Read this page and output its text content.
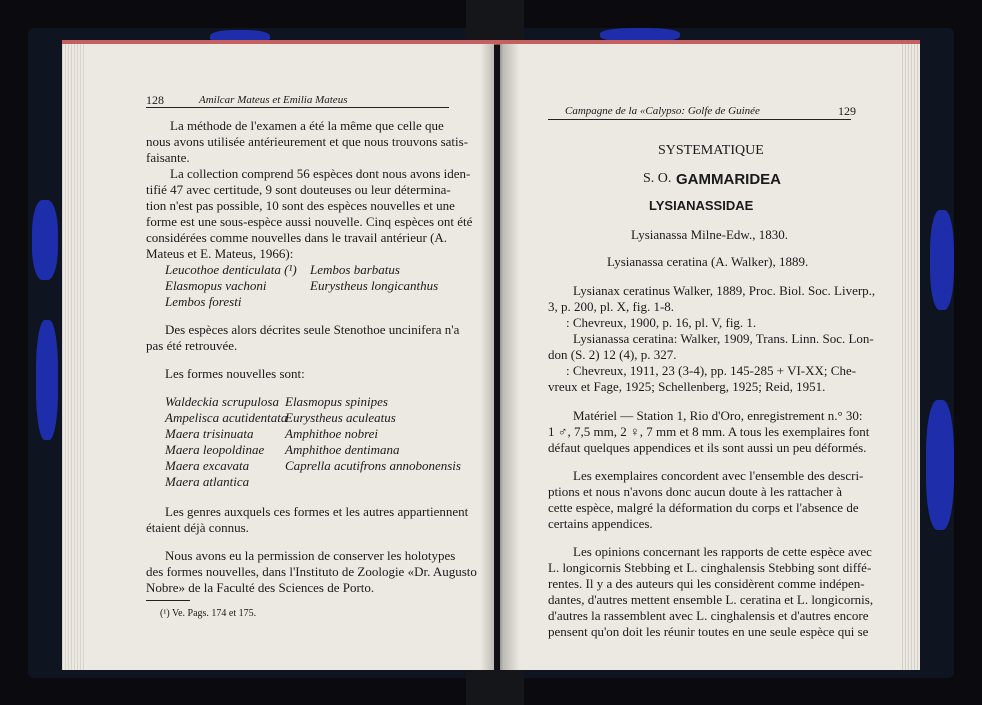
128	Amilcar Mateus et Emilia Mateus
La méthode de l'examen a été la même que celle que
nous avons utilisée antérieurement et que nous trouvons satis-
faisante.
La collection comprend 56 espèces dont nous avons iden-
tifié 47 avec certitude, 9 sont douteuses ou leur détermina-
tion n'est pas possible, 10 sont des espèces nouvelles et une
forme est une sous-espèce aussi nouvelle. Cinq espèces ont été
considérées comme nouvelles dans le travail antérieur (A.
Mateus et E. Mateus, 1966):
Leucothoe denticulata (¹)
Elasmopus vachoni
Lembos foresti
Lembos barbatus
Eurystheus longicanthus
Des espèces alors décrites seule Stenothoe uncinifera n'a
pas été retrouvée.
Les formes nouvelles sont:
Waldeckia scrupulosa
Ampelisca acutidentata
Maera trisinuata
Maera leopoldinae
Maera excavata
Maera atlantica
Elasmopus spinipes
Eurystheus aculeatus
Amphithoe nobrei
Amphithoe dentimana
Caprella acutifrons annobonensis
Les genres auxquels ces formes et les autres appartiennent
étaient déjà connus.
Nous avons eu la permission de conserver les holotypes
des formes nouvelles, dans l'Instituto de Zoologie «Dr. Augusto
Nobre» de la Faculté des Sciences de Porto.
(¹) Ve. Pags. 174 et 175.
Campagne de la «Calypso: Golfe de Guinée	129
SYSTEMATIQUE
S. O. GAMMARIDEA
LYSIANASSIDAE
Lysianassa Milne-Edw., 1830.
Lysianassa ceratina (A. Walker), 1889.
Lysianax ceratinus Walker, 1889, Proc. Biol. Soc. Liverp.,
3, p. 200, pl. X, fig. 1-8.
: Chevreux, 1900, p. 16, pl. V, fig. 1.
Lysianassa ceratina: Walker, 1909, Trans. Linn. Soc. Lon-
don (S. 2) 12 (4), p. 327.
: Chevreux, 1911, 23 (3-4), pp. 145-285 + VI-XX; Che-
vreux et Fage, 1925; Schellenberg, 1925; Reid, 1951.
Matériel — Station 1, Rio d'Oro, enregistrement n.° 30:
1 ♂, 7,5 mm, 2 ♀, 7 mm et 8 mm. A tous les exemplaires font
défaut quelques appendices et ils sont aussi un peu déformés.
Les exemplaires concordent avec l'ensemble des descri-
ptions et nous n'avons donc aucun doute à les rattacher à
cette espèce, malgré la déformation du corps et l'absence de
certains appendices.
Les opinions concernant les rapports de cette espèce avec
L. longicornis Stebbing et L. cinghalensis Stebbing sont diffé-
rentes. Il y a des auteurs qui les considèrent comme indépen-
dantes, d'autres mettent ensemble L. ceratina et L. longicornis,
d'autres la rassemblent avec L. cinghalensis et d'autres encore
pensent qu'on doit les réunir toutes en une seule espèce qui se
